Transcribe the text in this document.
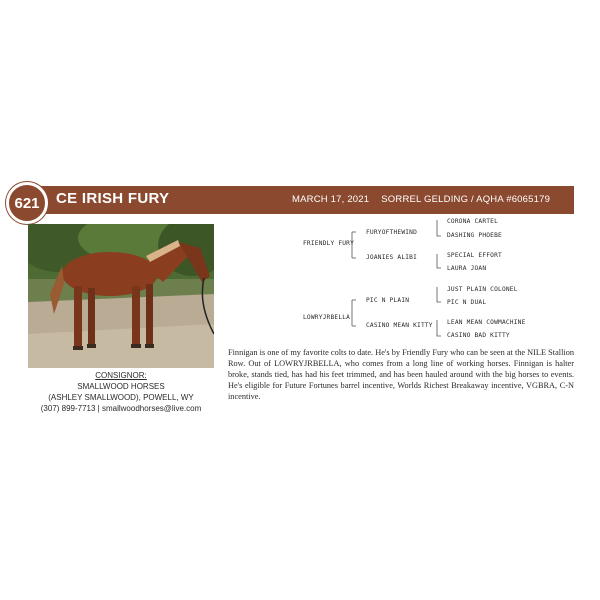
621	CE IRISH FURY	MARCH 17, 2021 SORREL GELDING / AQHA #6065179
CONSIGNOR:
SMALLWOOD HORSES
(ASHLEY SMALLWOOD), POWELL, WY
(307) 899-7713 | smallwoodhorses@live.com
FRIENDLY FURY
LOWRYJRBELLA
FURYOFTHEWIND
JOANIES ALIBI
PIC N PLAIN
CASINO MEAN KITTY
CORONA CARTEL
DASHING PHOEBE
SPECIAL EFFORT
LAURA JOAN
JUST PLAIN COLONEL
PIC N DUAL
LEAN MEAN COWMACHINE
CASINO BAD KITTY
Finnigan is one of my favorite colts to date. He's by Friendly Fury who can be seen at the NILE Stallion Row. Out of LOWRYJRBELLA, who comes from a long line of working horses. Finnigan is halter broke, stands tied, has had his feet trimmed, and has been hauled around with the big horses to events. He's eligible for Future Fortunes barrel incentive, Worlds Richest Breakaway incentive, VGBRA, C-N incentive.
